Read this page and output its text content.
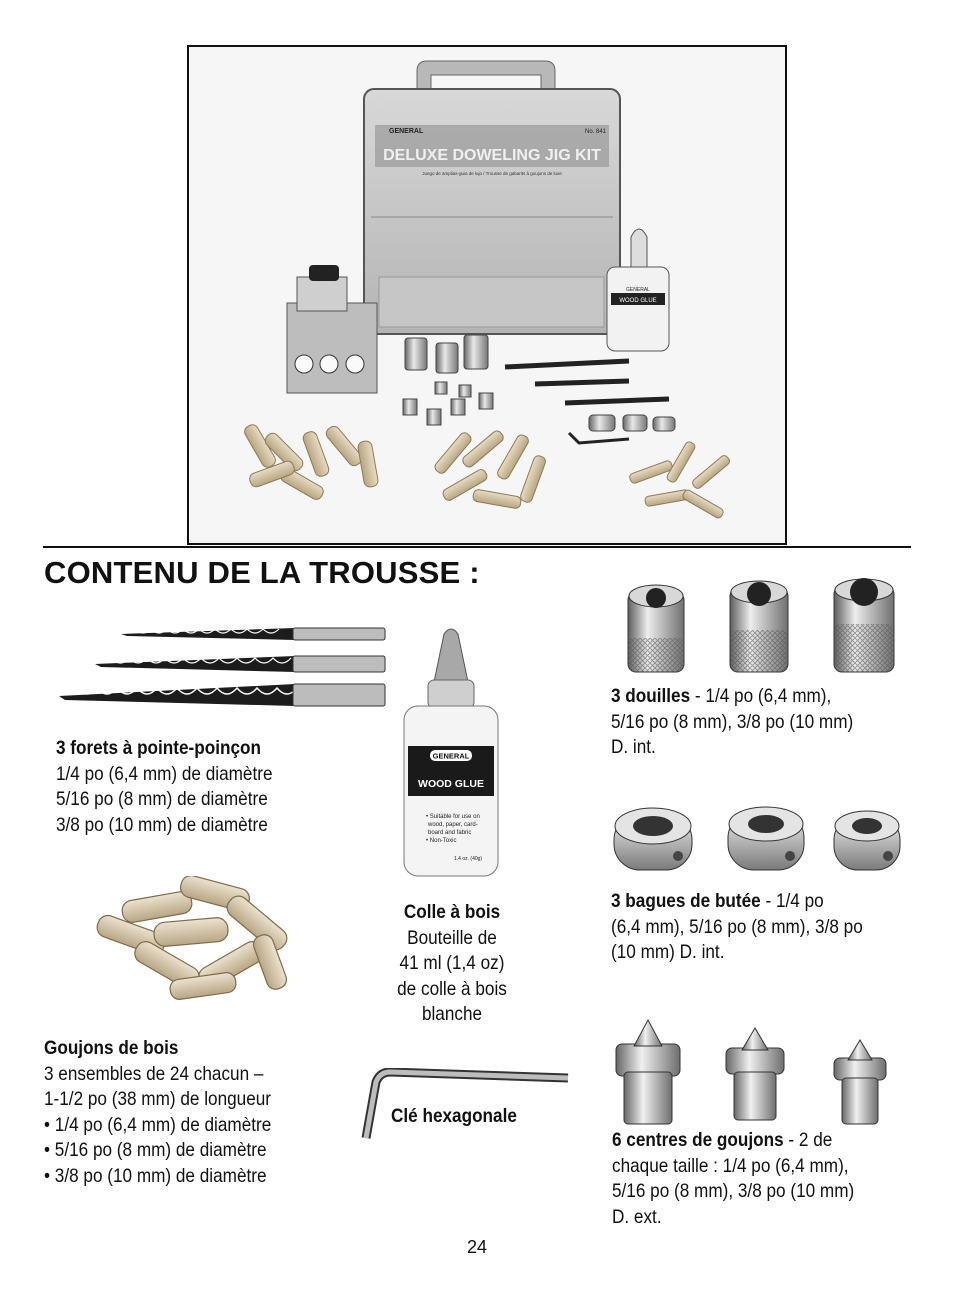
DELUXE DOWELING JIG KIT
GENERAL	No. 841
Juego de amplias-guia de lujo / Trousse de gabarits à goujons de luxe
WOOD GLUE
GENERAL
CONTENU DE LA TROUSSE :
3 forets à pointe-poinçon
1/4 po (6,4 mm) de diamètre
5/16 po (8 mm) de diamètre
3/8 po (10 mm) de diamètre
GENERAL
WOOD GLUE
• Suitable for use on
wood, paper, card-
board and fabric
• Non-Toxic
1.4 oz. (40g)
Colle à bois
Bouteille de
41 ml (1,4 oz)
de colle à bois
blanche
Goujons de bois
3 ensembles de 24 chacun –
1-1/2 po (38 mm) de longueur
• 1/4 po (6,4 mm) de diamètre
• 5/16 po (8 mm) de diamètre
• 3/8 po (10 mm) de diamètre
Clé hexagonale
3 douilles - 1/4 po (6,4 mm),
5/16 po (8 mm), 3/8 po (10 mm)
D. int.
3 bagues de butée - 1/4 po
(6,4 mm), 5/16 po (8 mm), 3/8 po
(10 mm) D. int.
6 centres de goujons - 2 de
chaque taille : 1/4 po (6,4 mm),
5/16 po (8 mm), 3/8 po (10 mm)
D. ext.
24
